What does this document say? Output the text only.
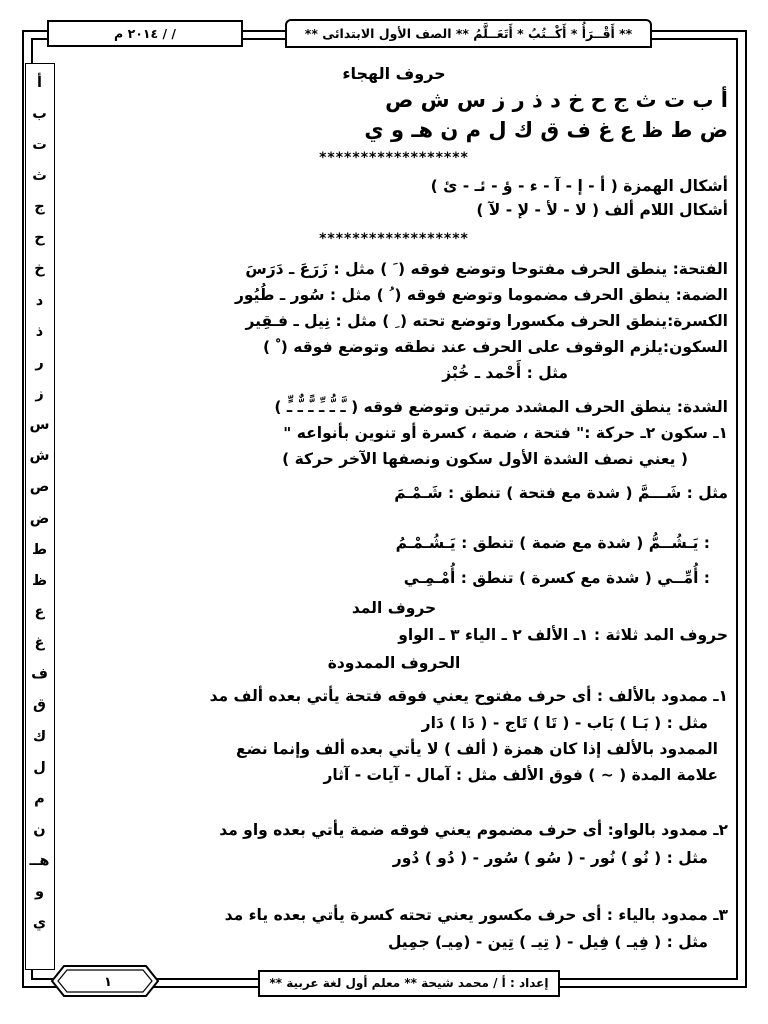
** أَقْــرَأُ * أَكْــتُبُ * أَتَعَــلَّمُ ** الصف الأول الابتدائى **
/ / ٢٠١٤ م
أ
ب
ت
ث
ج
ح
خ
د
ذ
ر
ز
س
ش
ص
ض
ط
ظ
ع
غ
ف
ق
ك
ل
م
ن
هــ
و
ي
حروف الهجاء
أ ب ت ث ج ح خ د ذ ر ز س ش ص
ض ط ظ ع غ ف ق ك ل م ن هـ و ي
******************
أشكال الهمزة ( أ - إ - آ - ء - ؤ - ئـ - ئ )
أشكال اللام ألف ( لا - لأ - لإ - لآ )
******************
الفتحة: ينطق الحرف مفتوحا وتوضع فوقه ( َ ) مثل : زَرَعَ ـ دَرَسَ
الضمة: ينطق الحرف مضموما وتوضع فوقه ( ُ ) مثل : سُور ـ طُيُور
الكسرة:ينطق الحرف مكسورا وتوضع تحته ( ِ ) مثل : نِيل ـ فـقِير
السكون:يلزم الوقوف على الحرف عند نطقه وتوضع فوقه ( ْ )
مثل : أَحْمد ـ خُبْز
الشدة: ينطق الحرف المشدد مرتين وتوضع فوقه ( ـَّ ـُّ ـِّ ـًّ ـٌّ ـٍّ )
١ـ سكون ٢ـ حركة :" فتحة ، ضمة ، كسرة أو تنوين بأنواعه "
( يعني نصف الشدة الأول سكون ونصفها الآخر حركة )
مثل : شَـــمَّ ( شدة مع فتحة ) تنطق : شَـمْـمَ
: يَـشُــمُّ ( شدة مع ضمة ) تنطق : يَـشُـمْـمُ
: أُمِّــي ( شدة مع كسرة ) تنطق : أُمْـمِـي
حروف المد
حروف المد ثلاثة : ١ـ الألف ٢ ـ الياء ٣ ـ الواو
الحروف الممدودة
١ـ ممدود بالألف : أى حرف مفتوح يعني فوقه فتحة يأتي بعده ألف مد
مثل : ( بَـا ) بَاب - ( تَا ) تَاج - ( دَا ) دَار
الممدود بالألف إذا كان همزة ( ألف ) لا يأتي بعده ألف وإنما نضع
علامة المدة ( ~ ) فوق الألف مثل : آمال - آيات - آثار
٢ـ ممدود بالواو: أى حرف مضموم يعني فوقه ضمة يأتي بعده واو مد
مثل : ( نُو ) نُور - ( سُو ) سُور - ( دُو ) دُور
٣ـ ممدود بالياء : أى حرف مكسور يعني تحته كسرة يأتي بعده ياء مد
مثل : ( فِيـ ) فِيل - ( تِيـ ) تِين - (مِيـ) جمِيل
١	إعداد : أ / محمد شيحة ** معلم أول لغة عربية **
